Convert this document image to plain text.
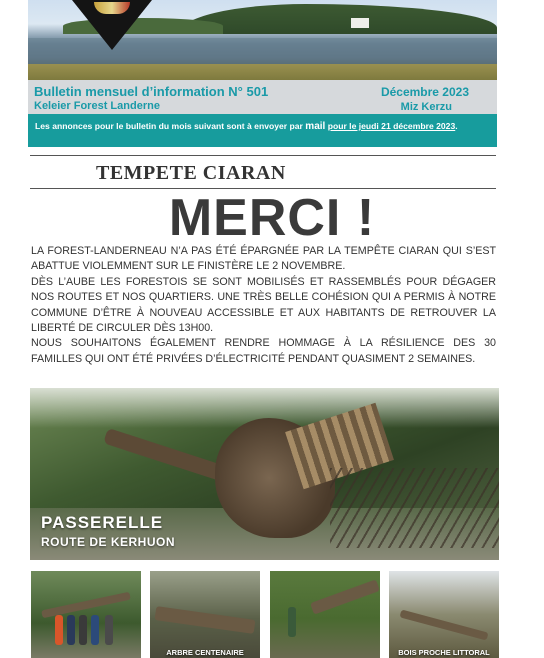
Bulletin mensuel d’information N° 501
Keleier Forest Landerne
Décembre 2023
Miz Kerzu
Les annonces pour le bulletin du mois suivant sont à envoyer par mail pour le jeudi 21 décembre 2023.
TEMPETE CIARAN
MERCI !

LA FOREST-LANDERNEAU N’A PAS ÉTÉ ÉPARGNÉE PAR LA TEMPÊTE CIARAN QUI S’EST ABATTUE VIOLEMMENT SUR LE FINISTÈRE LE 2 NOVEMBRE.

DÈS L’AUBE LES FORESTOIS SE SONT MOBILISÉS ET RASSEMBLÉS POUR DÉGAGER NOS ROUTES ET NOS QUARTIERS. UNE TRÈS BELLE COHÉSION QUI A PERMIS À NOTRE COMMUNE D’ÊTRE À NOUVEAU ACCESSIBLE ET AUX HABITANTS DE RETROUVER LA LIBERTÉ DE CIRCULER DÈS 13H00.

NOUS SOUHAITONS ÉGALEMENT RENDRE HOMMAGE À LA RÉSILIENCE DES 30 FAMILLES QUI ONT ÉTÉ PRIVÉES D’ÉLECTRICITÉ PENDANT QUASIMENT 2 SEMAINES.

PASSERELLE
ROUTE DE KERHUON
ARBRE CENTENAIRE	BOIS PROCHE LITTORAL
